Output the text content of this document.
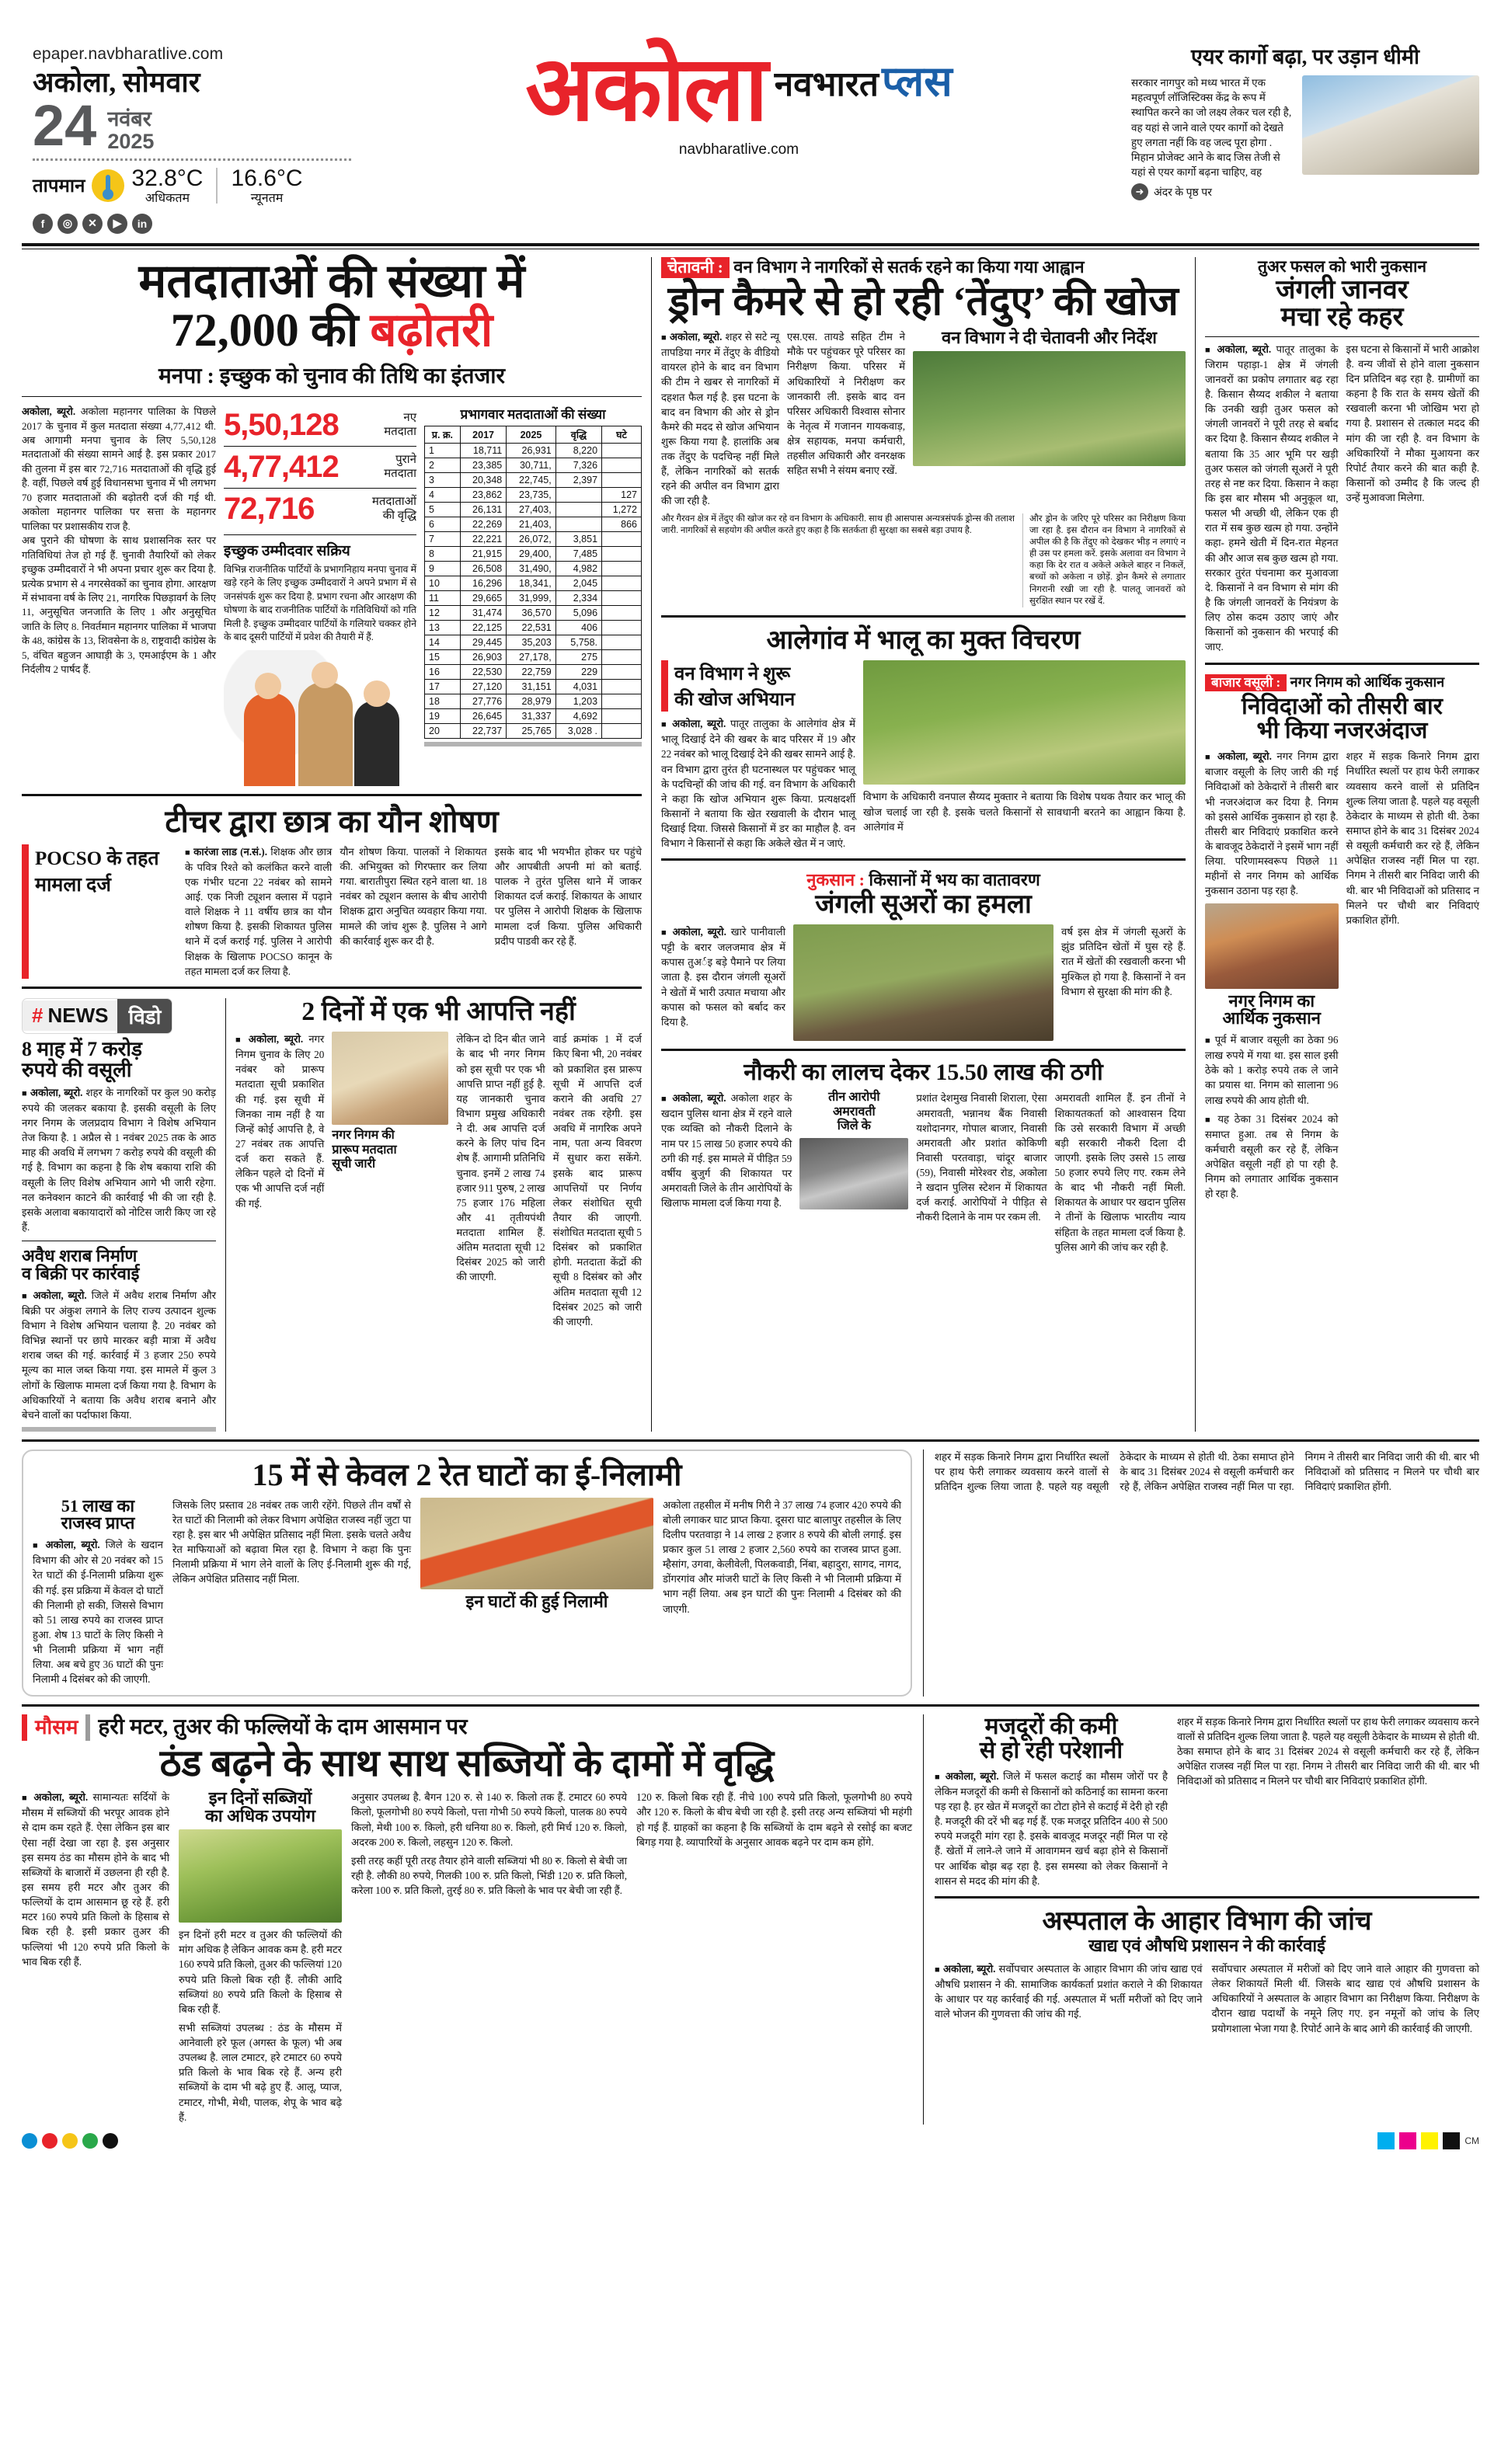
epaper.navbharatlive.com
अकोला, सोमवार
24 नवंबर
2025
तापमान 32.8°C
अधिकतम
16.6°C
न्यूनतम
f	◎	✕	▶	in
अकोला नवभारत प्लस
navbharatlive.com
एयर कार्गो बढ़ा, पर उड़ान धीमी
सरकार नागपुर को मध्य भारत में एक महत्वपूर्ण लॉजिस्टिक्स केंद्र के रूप में स्थापित करने का जो लक्ष्य लेकर चल रही है, वह यहां से जाने वाले एयर कार्गो को देखते हुए लगता नहीं कि वह जल्द पूरा होगा . मिहान प्रोजेक्ट आने के बाद जिस तेजी से यहां से एयर कार्गो बढ़ना चाहिए, वह
➜ अंदर के पृष्ठ पर
मतदाताओं की संख्या में
72,000 की बढ़ोतरी
मनपा : इच्छुक को चुनाव की तिथि का इंतजार

अकोला, ब्यूरो. अकोला महानगर पालिका के पिछले 2017 के चुनाव में कुल मतदाता संख्या 4,77,412 थी. अब आगामी मनपा चुनाव के लिए 5,50,128 मतदाताओं की संख्या सामने आई है. इस प्रकार 2017 की तुलना में इस बार 72,716 मतदाताओं की वृद्धि हुई है. वहीं, पिछले वर्ष हुई विधानसभा चुनाव में भी लगभग 70 हजार मतदाताओं की बढ़ोतरी दर्ज की गई थी. अकोला महानगर पालिका पर सत्ता के महानगर पालिका पर प्रशासकीय राज है.

अब पुराने की घोषणा के साथ प्रशासनिक स्तर पर गतिविधियां तेज हो गई हैं. चुनावी तैयारियों को लेकर इच्छुक उम्मीदवारों ने भी अपना प्रचार शुरू कर दिया है. प्रत्येक प्रभाग से 4 नगरसेवकों का चुनाव होगा. आरक्षण में संभावना वर्ष के लिए 21, नागरिक पिछड़ावर्ग के लिए 11, अनुसूचित जनजाति के लिए 1 और अनुसूचित जाति के लिए 8. निवर्तमान महानगर पालिका में भाजपा के 48, कांग्रेस के 13, शिवसेना के 8, राष्ट्रवादी कांग्रेस के 5, वंचित बहुजन आघाड़ी के 3, एमआईएम के 1 और निर्दलीय 2 पार्षद हैं.

5,50,128	नए
मतदाता
4,77,412	पुराने
मतदाता
72,716	मतदाताओं
की वृद्धि
इच्छुक उम्मीदवार सक्रिय
विभिन्न राजनीतिक पार्टियों के प्रभागनिहाय मनपा चुनाव में खड़े रहने के लिए इच्छुक उम्मीदवारों ने अपने प्रभाग में से जनसंपर्क शुरू कर दिया है. प्रभाग रचना और आरक्षण की घोषणा के बाद राजनीतिक पार्टियों के गतिविधियों को गति मिली है. इच्छुक उम्मीदवार पार्टियों के गलियारे चक्कर होने के बाद दूसरी पार्टियों में प्रवेश की तैयारी में हैं.
प्रभागवार मतदाताओं की संख्या
प्र. क्र.	2017	2025	वृद्धि	घटे
1	18,711	26,931	8,220	
2	23,385	30,711,	7,326	
3	20,348	22,745,	2,397	
4	23,862	23,735,		127
5	26,131	27,403,		1,272
6	22,269	21,403,		866
7	22,221	26,072,	3,851	
8	21,915	29,400,	7,485	
9	26,508	31,490,	4,982	
10	16,296	18,341,	2,045	
11	29,665	31,999,	2,334	
12	31,474	36,570	5,096	
13	22,125	22,531	406	
14	29,445	35,203	5,758.	
15	26,903	27,178,	275	
16	22,530	22,759	229	
17	27,120	31,151	4,031	
18	27,776	28,979	1,203	
19	26,645	31,337	4,692	
20	22,737	25,765	3,028 .	
टीचर द्वारा छात्र का यौन शोषण
POCSO के तहत
मामला दर्ज
■ कारंजा लाड (न.सं.). शिक्षक और छात्र के पवित्र रिश्ते को कलंकित करने वाली एक गंभीर घटना 22 नवंबर को सामने आई. एक निजी ट्यूशन क्लास में पढ़ाने वाले शिक्षक ने 11 वर्षीय छात्र का यौन शोषण किया है. इसकी शिकायत पुलिस थाने में दर्ज कराई गई. पुलिस ने आरोपी शिक्षक के खिलाफ POCSO कानून के तहत मामला दर्ज कर लिया है.
यौन शोषण किया. पालकों ने शिकायत की. अभियुक्त को गिरफ्तार कर लिया गया. बारातीपुरा स्थित रहने वाला था. 18 नवंबर को ट्यूशन क्लास के बीच आरोपी शिक्षक द्वारा अनुचित व्यवहार किया गया. मामले की जांच शुरू है. पुलिस ने आगे की कार्रवाई शुरू कर दी है.
इसके बाद भी भयभीत होकर घर पहुंचे और आपबीती अपनी मां को बताई. पालक ने तुरंत पुलिस थाने में जाकर शिकायत दर्ज कराई. शिकायत के आधार पर पुलिस ने आरोपी शिक्षक के खिलाफ मामला दर्ज किया. पुलिस अधिकारी प्रदीप पाडवी कर रहे हैं.
# NEWS	विडो
8 माह में 7 करोड़
रुपये की वसूली
■ अकोला, ब्यूरो. शहर के नागरिकों पर कुल 90 करोड़ रुपये की जलकर बकाया है. इसकी वसूली के लिए नगर निगम के जलप्रदाय विभाग ने विशेष अभियान तेज किया है. 1 अप्रैल से 1 नवंबर 2025 तक के आठ माह की अवधि में लगभग 7 करोड़ रुपये की वसूली की गई है. विभाग का कहना है कि शेष बकाया राशि की वसूली के लिए विशेष अभियान आगे भी जारी रहेगा. नल कनेक्शन काटने की कार्रवाई भी की जा रही है. इसके अलावा बकायादारों को नोटिस जारी किए जा रहे हैं.
अवैध शराब निर्माण
व बिक्री पर कार्रवाई
■ अकोला, ब्यूरो. जिले में अवैध शराब निर्माण और बिक्री पर अंकुश लगाने के लिए राज्य उत्पादन शुल्क विभाग ने विशेष अभियान चलाया है. 20 नवंबर को विभिन्न स्थानों पर छापे मारकर बड़ी मात्रा में अवैध शराब जब्त की गई. कार्रवाई में 3 हजार 250 रुपये मूल्य का माल जब्त किया गया. इस मामले में कुल 3 लोगों के खिलाफ मामला दर्ज किया गया है. विभाग के अधिकारियों ने बताया कि अवैध शराब बनाने और बेचने वालों का पर्दाफाश किया.
2 दिनों में एक भी आपत्ति नहीं
■ अकोला, ब्यूरो. नगर निगम चुनाव के लिए 20 नवंबर को प्रारूप मतदाता सूची प्रकाशित की गई. इस सूची में जिनका नाम नहीं है या जिन्हें कोई आपत्ति है, वे 27 नवंबर तक आपत्ति दर्ज करा सकते हैं. लेकिन पहले दो दिनों में एक भी आपत्ति दर्ज नहीं की गई.
नगर निगम की
प्रारूप मतदाता
सूची जारी
लेकिन दो दिन बीत जाने के बाद भी नगर निगम को इस सूची पर एक भी आपत्ति प्राप्त नहीं हुई है. यह जानकारी चुनाव विभाग प्रमुख अधिकारी ने दी. अब आपत्ति दर्ज करने के लिए पांच दिन शेष हैं. आगामी प्रतिनिधि चुनाव. इनमें 2 लाख 74 हजार 911 पुरुष, 2 लाख 75 हजार 176 महिला और 41 तृतीयपंथी मतदाता शामिल हैं. अंतिम मतदाता सूची 12 दिसंबर 2025 को जारी की जाएगी.
वार्ड क्रमांक 1 में दर्ज किए बिना भी, 20 नवंबर को प्रकाशित इस प्रारूप सूची में आपत्ति दर्ज कराने की अवधि 27 नवंबर तक रहेगी. इस अवधि में नागरिक अपने नाम, पता अन्य विवरण में सुधार करा सकेंगे. इसके बाद प्रारूप आपत्तियों पर निर्णय लेकर संशोधित सूची तैयार की जाएगी. संशोधित मतदाता सूची 5 दिसंबर को प्रकाशित होगी. मतदाता केंद्रों की सूची 8 दिसंबर को और अंतिम मतदाता सूची 12 दिसंबर 2025 को जारी की जाएगी.
चेतावनी : वन विभाग ने नागरिकों से सतर्क रहने का किया गया आह्वान
ड्रोन कैमरे से हो रही ‘तेंदुए’ की खोज
■ अकोला, ब्यूरो. शहर से सटे न्यू तापडिया नगर में तेंदुए के वीडियो वायरल होने के बाद वन विभाग की टीम ने खबर से नागरिकों में दहशत फैल गई है. इस घटना के बाद वन विभाग की ओर से ड्रोन कैमरे की मदद से खोज अभियान शुरू किया गया है. हालांकि अब तक तेंदुए के पदचिन्ह नहीं मिले हैं, लेकिन नागरिकों को सतर्क रहने की अपील वन विभाग द्वारा की जा रही है.
एस.एस. तायडे सहित टीम ने मौके पर पहुंचकर पूरे परिसर का निरीक्षण किया. परिसर में अधिकारियों ने निरीक्षण कर जानकारी ली. इसके बाद वन परिसर अधिकारी विश्वास सोनार के नेतृत्व में गजानन गायकवाड़, क्षेत्र सहायक, मनपा कर्मचारी, तहसील अधिकारी और वनरक्षक सहित सभी ने संयम बनाए रखें.
वन विभाग ने दी चेतावनी और निर्देश
और गैरवन क्षेत्र में तेंदुए की खोज कर रहे वन विभाग के अधिकारी. साथ ही आसपास अन्यत्रसंपर्क ड्रोन्स की तलाश जारी. नागरिकों से सहयोग की अपील करते हुए कहा है कि सतर्कता ही सुरक्षा का सबसे बड़ा उपाय है.
और ड्रोन के जरिए पूरे परिसर का निरीक्षण किया जा रहा है. इस दौरान वन विभाग ने नागरिकों से अपील की है कि तेंदुए को देखकर भीड़ न लगाएं न ही उस पर हमला करें. इसके अलावा वन विभाग ने कहा कि देर रात व अकेले अकेले बाहर न निकलें, बच्चों को अकेला न छोड़ें. ड्रोन कैमरे से लगातार निगरानी रखी जा रही है. पालतू जानवरों को सुरक्षित स्थान पर रखें दें.
आलेगांव में भालू का मुक्त विचरण
वन विभाग ने शुरू
की खोज अभियान
■ अकोला, ब्यूरो. पातूर तालुका के आलेगांव क्षेत्र में भालू दिखाई देने की खबर के बाद परिसर में 19 और 22 नवंबर को भालू दिखाई देने की खबर सामने आई है. वन विभाग द्वारा तुरंत ही घटनास्थल पर पहुंचकर भालू के पदचिन्हों की जांच की गई. वन विभाग के अधिकारी ने कहा कि खोज अभियान शुरू किया. प्रत्यक्षदर्शी किसानों ने बताया कि खेत रखवाली के दौरान भालू दिखाई दिया. जिससे किसानों में डर का माहौल है. वन विभाग ने किसानों से कहा कि अकेले खेत में न जाएं.
विभाग के अधिकारी वनपाल सैय्यद मुक्तार ने बताया कि विशेष पथक तैयार कर भालू की खोज चलाई जा रही है. इसके चलते किसानों से सावधानी बरतने का आह्वान किया है. आलेगांव में
नुकसान : किसानों में भय का वातावरण
जंगली सूअरों का हमला
■ अकोला, ब्यूरो. खारे पानीवाली पट्टी के बरार जलजमाव क्षेत्र में कपास तुअर्इ बड़े पैमाने पर लिया जाता है. इस दौरान जंगली सूअरों ने खेतों में भारी उत्पात मचाया और कपास को फसल को बर्बाद कर दिया है.
वर्ष इस क्षेत्र में जंगली सूअरों के झुंड प्रतिदिन खेतों में घुस रहे हैं. रात में खेतों की रखवाली करना भी मुश्किल हो गया है. किसानों ने वन विभाग से सुरक्षा की मांग की है.
नौकरी का लालच देकर 15.50 लाख की ठगी
■ अकोला, ब्यूरो. अकोला शहर के खदान पुलिस थाना क्षेत्र में रहने वाले एक व्यक्ति को नौकरी दिलाने के नाम पर 15 लाख 50 हजार रुपये की ठगी की गई. इस मामले में पीड़ित 59 वर्षीय बुजुर्ग की शिकायत पर अमरावती जिले के तीन आरोपियों के खिलाफ मामला दर्ज किया गया है.
तीन आरोपी
अमरावती
जिले के
प्रशांत देशमुख निवासी शिराला, ऐसा अमरावती, भन्नानथ बैंक निवासी यशोदानगर, गोपाल बाजार, निवासी अमरावती और प्रशांत कोकिणी निवासी परतवाड़ा, चांदूर बाजार (59), निवासी मोरेश्वर रोड, अकोला ने खदान पुलिस स्टेशन में शिकायत दर्ज कराई. आरोपियों ने पीड़ित से नौकरी दिलाने के नाम पर रकम ली.
अमरावती शामिल हैं. इन तीनों ने शिकायतकर्ता को आश्वासन दिया कि उसे सरकारी विभाग में अच्छी बड़ी सरकारी नौकरी दिला दी जाएगी. इसके लिए उससे 15 लाख 50 हजार रुपये लिए गए. रकम लेने के बाद भी नौकरी नहीं मिली. शिकायत के आधार पर खदान पुलिस ने तीनों के खिलाफ भारतीय न्याय संहिता के तहत मामला दर्ज किया है. पुलिस आगे की जांच कर रही है.
तुअर फसल को भारी नुकसान
जंगली जानवर
मचा रहे कहर
■ अकोला, ब्यूरो. पातूर तालुका के जिराम पहाड़ा-1 क्षेत्र में जंगली जानवरों का प्रकोप लगातार बढ़ रहा है. किसान सैय्यद शकील ने बताया कि उनकी खड़ी तुअर फसल को जंगली जानवरों ने पूरी तरह से बर्बाद कर दिया है. किसान सैय्यद शकील ने बताया कि 35 आर भूमि पर खड़ी तुअर फसल को जंगली सूअरों ने पूरी तरह से नष्ट कर दिया. किसान ने कहा कि इस बार मौसम भी अनुकूल था, फसल भी अच्छी थी, लेकिन एक ही रात में सब कुछ खत्म हो गया. उन्होंने कहा- हमने खेती में दिन-रात मेहनत की और आज सब कुछ खत्म हो गया. सरकार तुरंत पंचनामा कर मुआवजा दे. किसानों ने वन विभाग से मांग की है कि जंगली जानवरों के नियंत्रण के लिए ठोस कदम उठाए जाएं और किसानों को नुकसान की भरपाई की जाए.
इस घटना से किसानों में भारी आक्रोश है. वन्य जीवों से होने वाला नुकसान दिन प्रतिदिन बढ़ रहा है. ग्रामीणों का कहना है कि रात के समय खेतों की रखवाली करना भी जोखिम भरा हो गया है. प्रशासन से तत्काल मदद की मांग की जा रही है. वन विभाग के अधिकारियों ने मौका मुआयना कर रिपोर्ट तैयार करने की बात कही है. किसानों को उम्मीद है कि जल्द ही उन्हें मुआवजा मिलेगा.
बाजार वसूली : नगर निगम को आर्थिक नुकसान
निविदाओं को तीसरी बार
भी किया नजरअंदाज
■ अकोला, ब्यूरो. नगर निगम द्वारा बाजार वसूली के लिए जारी की गई निविदाओं को ठेकेदारों ने तीसरी बार भी नजरअंदाज कर दिया है. निगम को इससे आर्थिक नुकसान हो रहा है. तीसरी बार निविदाएं प्रकाशित करने के बावजूद ठेकेदारों ने इसमें भाग नहीं लिया. परिणामस्वरूप पिछले 11 महीनों से नगर निगम को आर्थिक नुकसान उठाना पड़ रहा है.
नगर निगम का
आर्थिक नुकसान
■ पूर्व में बाजार वसूली का ठेका 96 लाख रुपये में गया था. इस साल इसी ठेके को 1 करोड़ रुपये तक ले जाने का प्रयास था. निगम को सालाना 96 लाख रुपये की आय होती थी.
■ यह ठेका 31 दिसंबर 2024 को समाप्त हुआ. तब से निगम के कर्मचारी वसूली कर रहे हैं, लेकिन अपेक्षित वसूली नहीं हो पा रही है. निगम को लगातार आर्थिक नुकसान हो रहा है.
शहर में सड़क किनारे निगम द्वारा निर्धारित स्थलों पर हाथ फेरी लगाकर व्यवसाय करने वालों से प्रतिदिन शुल्क लिया जाता है. पहले यह वसूली ठेकेदार के माध्यम से होती थी. ठेका समाप्त होने के बाद 31 दिसंबर 2024 से वसूली कर्मचारी कर रहे हैं, लेकिन अपेक्षित राजस्व नहीं मिल पा रहा. निगम ने तीसरी बार निविदा जारी की थी. बार भी निविदाओं को प्रतिसाद न मिलने पर चौथी बार निविदाएं प्रकाशित होंगी.
15 में से केवल 2 रेत घाटों का ई-निलामी
51 लाख का
राजस्व प्राप्त
■ अकोला, ब्यूरो. जिले के खदान विभाग की ओर से 20 नवंबर को 15 रेत घाटों की ई-निलामी प्रक्रिया शुरू की गई. इस प्रक्रिया में केवल दो घाटों की निलामी हो सकी, जिससे विभाग को 51 लाख रुपये का राजस्व प्राप्त हुआ. शेष 13 घाटों के लिए किसी ने भी निलामी प्रक्रिया में भाग नहीं लिया. अब बचे हुए 36 घाटों की पुनः निलामी 4 दिसंबर को की जाएगी.
जिसके लिए प्रस्ताव 28 नवंबर तक जारी रहेंगे. पिछले तीन वर्षों से रेत घाटों की निलामी को लेकर विभाग अपेक्षित राजस्व नहीं जुटा पा रहा है. इस बार भी अपेक्षित प्रतिसाद नहीं मिला. इसके चलते अवैध रेत माफियाओं को बढ़ावा मिल रहा है. विभाग ने कहा कि पुनः निलामी प्रक्रिया में भाग लेने वालों के लिए ई-निलामी शुरू की गई, लेकिन अपेक्षित प्रतिसाद नहीं मिला.
इन घाटों की हुई निलामी
अकोला तहसील में मनीष गिरी ने 37 लाख 74 हजार 420 रुपये की बोली लगाकर घाट प्राप्त किया. दूसरा घाट बालापुर तहसील के लिए दिलीप परतवाड़ा ने 14 लाख 2 हजार 8 रुपये की बोली लगाई. इस प्रकार कुल 51 लाख 2 हजार 2,560 रुपये का राजस्व प्राप्त हुआ. म्हैसांग, उगवा, केलीवेली, पिलकवाडी, निंबा, बहादुरा, सागद, नागद, डोंगरगांव और मांजरी घाटों के लिए किसी ने भी निलामी प्रक्रिया में भाग नहीं लिया. अब इन घाटों की पुनः निलामी 4 दिसंबर को की जाएगी.
शहर में सड़क किनारे निगम द्वारा निर्धारित स्थलों पर हाथ फेरी लगाकर व्यवसाय करने वालों से प्रतिदिन शुल्क लिया जाता है. पहले यह वसूली ठेकेदार के माध्यम से होती थी. ठेका समाप्त होने के बाद 31 दिसंबर 2024 से वसूली कर्मचारी कर रहे हैं, लेकिन अपेक्षित राजस्व नहीं मिल पा रहा. निगम ने तीसरी बार निविदा जारी की थी. बार भी निविदाओं को प्रतिसाद न मिलने पर चौथी बार निविदाएं प्रकाशित होंगी.
मौसम हरी मटर, तुअर की फल्लियों के दाम आसमान पर
ठंड बढ़ने के साथ साथ सब्जियों के दामों में वृद्धि
■ अकोला, ब्यूरो. सामान्यतः सर्दियों के मौसम में सब्जियों की भरपूर आवक होने से दाम कम रहते हैं. ऐसा लेकिन इस बार ऐसा नहीं देखा जा रहा है. इस अनुसार इस समय ठंड का मौसम होने के बाद भी सब्जियों के बाजारों में उछलना ही रही है. इस समय हरी मटर और तुअर की फल्लियों के दाम आसमान छू रहे हैं. हरी मटर 160 रुपये प्रति किलो के हिसाब से बिक रही है. इसी प्रकार तुअर की फल्लियां भी 120 रुपये प्रति किलो के भाव बिक रही हैं.
इन दिनों सब्जियों
का अधिक उपयोग
इन दिनों हरी मटर व तुअर की फल्लियों की मांग अधिक है लेकिन आवक कम है. हरी मटर 160 रुपये प्रति किलो, तुअर की फल्लियां 120 रुपये प्रति किलो बिक रही हैं. लौकी आदि सब्जियां 80 रुपये प्रति किलो के हिसाब से बिक रही हैं.
सभी सब्जियां उपलब्ध : ठंड के मौसम में आनेवाली हरे फूल (अगस्त के फूल) भी अब उपलब्ध है. लाल टमाटर, हरे टमाटर 60 रुपये प्रति किलो के भाव बिक रहे हैं. अन्य हरी सब्जियों के दाम भी बढ़े हुए हैं. आलू, प्याज, टमाटर, गोभी, मेथी, पालक, शेपू के भाव बढ़े हैं.
अनुसार उपलब्ध है. बैगन 120 रु. से 140 रु. किलो तक हैं. टमाटर 60 रुपये किलो, फूलगोभी 80 रुपये किलो, पत्ता गोभी 50 रुपये किलो, पालक 80 रुपये किलो, मेथी 100 रु. किलो, हरी धनिया 80 रु. किलो, हरी मिर्च 120 रु. किलो, अदरक 200 रु. किलो, लहसुन 120 रु. किलो.
इसी तरह कहीं पूरी तरह तैयार होने वाली सब्जियां भी 80 रु. किलो से बेची जा रही है. लौकी 80 रुपये, गिलकी 100 रु. प्रति किलो, भिंडी 120 रु. प्रति किलो, करेला 100 रु. प्रति किलो, तुरई 80 रु. प्रति किलो के भाव पर बेची जा रही हैं.
120 रु. किलो बिक रही हैं. नीचे 100 रुपये प्रति किलो, फूलगोभी 80 रुपये और 120 रु. किलो के बीच बेची जा रही है. इसी तरह अन्य सब्जियां भी महंगी हो गई हैं. ग्राहकों का कहना है कि सब्जियों के दाम बढ़ने से रसोई का बजट बिगड़ गया है. व्यापारियों के अनुसार आवक बढ़ने पर दाम कम होंगे.
मजदूरों की कमी
से हो रही परेशानी
■ अकोला, ब्यूरो. जिले में फसल कटाई का मौसम जोरों पर है लेकिन मजदूरों की कमी से किसानों को कठिनाई का सामना करना पड़ रहा है. हर खेत में मजदूरों का टोटा होने से कटाई में देरी हो रही है. मजदूरी की दरें भी बढ़ गई हैं. एक मजदूर प्रतिदिन 400 से 500 रुपये मजदूरी मांग रहा है. इसके बावजूद मजदूर नहीं मिल पा रहे हैं. खेतों में लाने-ले जाने में आवागमन खर्च बढ़ा होने से किसानों पर आर्थिक बोझ बढ़ रहा है. इस समस्या को लेकर किसानों ने शासन से मदद की मांग की है.
शहर में सड़क किनारे निगम द्वारा निर्धारित स्थलों पर हाथ फेरी लगाकर व्यवसाय करने वालों से प्रतिदिन शुल्क लिया जाता है. पहले यह वसूली ठेकेदार के माध्यम से होती थी. ठेका समाप्त होने के बाद 31 दिसंबर 2024 से वसूली कर्मचारी कर रहे हैं, लेकिन अपेक्षित राजस्व नहीं मिल पा रहा. निगम ने तीसरी बार निविदा जारी की थी. बार भी निविदाओं को प्रतिसाद न मिलने पर चौथी बार निविदाएं प्रकाशित होंगी.
अस्पताल के आहार विभाग की जांच
खाद्य एवं औषधि प्रशासन ने की कार्रवाई
■ अकोला, ब्यूरो. सर्वोपचार अस्पताल के आहार विभाग की जांच खाद्य एवं औषधि प्रशासन ने की. सामाजिक कार्यकर्ता प्रशांत कराले ने की शिकायत के आधार पर यह कार्रवाई की गई. अस्पताल में भर्ती मरीजों को दिए जाने वाले भोजन की गुणवत्ता की जांच की गई.
सर्वोपचार अस्पताल में मरीजों को दिए जाने वाले आहार की गुणवत्ता को लेकर शिकायतें मिली थीं. जिसके बाद खाद्य एवं औषधि प्रशासन के अधिकारियों ने अस्पताल के आहार विभाग का निरीक्षण किया. निरीक्षण के दौरान खाद्य पदार्थों के नमूने लिए गए. इन नमूनों को जांच के लिए प्रयोगशाला भेजा गया है. रिपोर्ट आने के बाद आगे की कार्रवाई की जाएगी.
CM
